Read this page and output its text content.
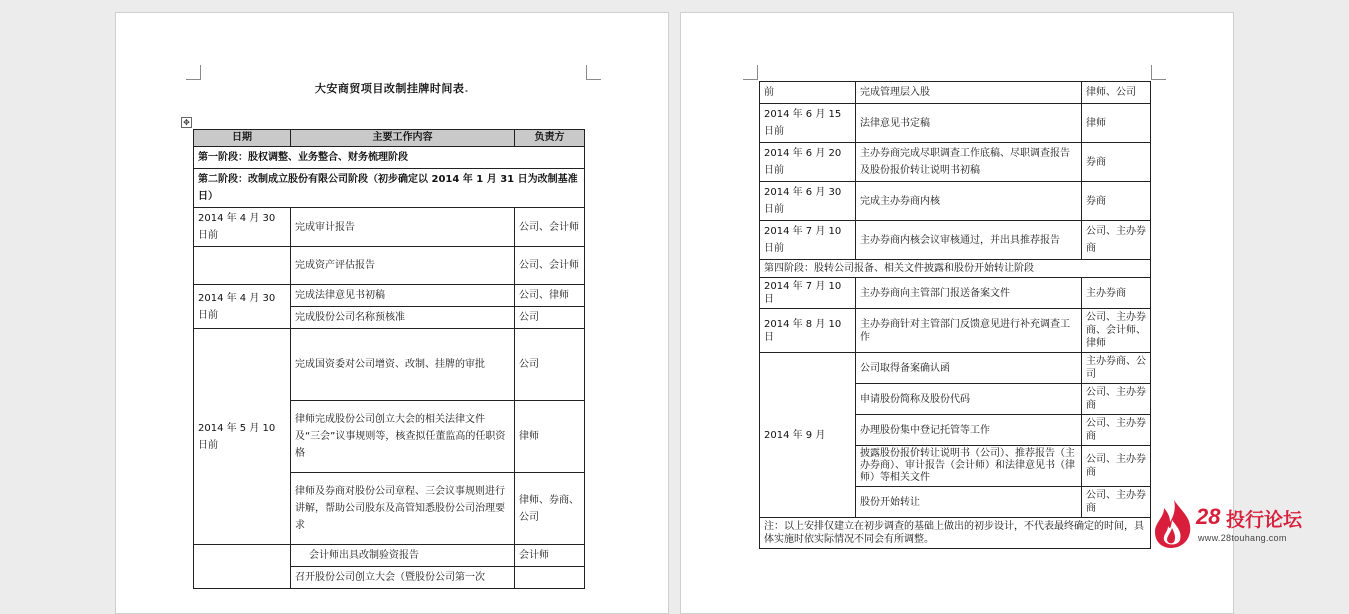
大安商贸项目改制挂牌时间表.
✥
日期	主要工作内容	负责方
第一阶段：股权调整、业务整合、财务梳理阶段		
第二阶段：改制成立股份有限公司阶段（初步确定以 2014 年 1 月 31 日为改制基准日）		
2014 年 4 月 30 日前	完成审计报告	公司、会计师
	完成资产评估报告	公司、会计师
2014 年 4 月 30 日前	完成法律意见书初稿	公司、律师
	完成股份公司名称预核准	公司
2014 年 5 月 10 日前	完成国资委对公司增资、改制、挂牌的审批	公司
	律师完成股份公司创立大会的相关法律文件及“三会”议事规则等，核查拟任董监高的任职资格	律师
	律师及券商对股份公司章程、三会议事规则进行讲解，帮助公司股东及高管知悉股份公司治理要求	律师、券商、公司
	会计师出具改制验资报告	会计师
	召开股份公司创立大会（暨股份公司第一次	
前	完成管理层入股	律师、公司
2014 年 6 月 15 日前	法律意见书定稿	律师
2014 年 6 月 20 日前	主办券商完成尽职调查工作底稿、尽职调查报告及股份报价转让说明书初稿	券商
2014 年 6 月 30 日前	完成主办券商内核	券商
2014 年 7 月 10 日前	主办券商内核会议审核通过，并出具推荐报告	公司、主办券商
第四阶段：股转公司报备、相关文件披露和股份开始转让阶段		
2014 年 7 月 10 日	主办券商向主管部门报送备案文件	主办券商
2014 年 8 月 10 日	主办券商针对主管部门反馈意见进行补充调查工作	公司、主办券商、会计师、律师
2014 年 9 月	公司取得备案确认函	主办券商、公司
	申请股份简称及股份代码	公司、主办券商
	办理股份集中登记托管等工作	公司、主办券商
	披露股份报价转让说明书（公司）、推荐报告（主办券商）、审计报告（会计师）和法律意见书（律师）等相关文件	公司、主办券商
	股份开始转让	公司、主办券商
注：以上安排仅建立在初步调查的基础上做出的初步设计，不代表最终确定的时间，具体实施时依实际情况不同会有所调整。		
28 投行论坛
www.28touhang.com
